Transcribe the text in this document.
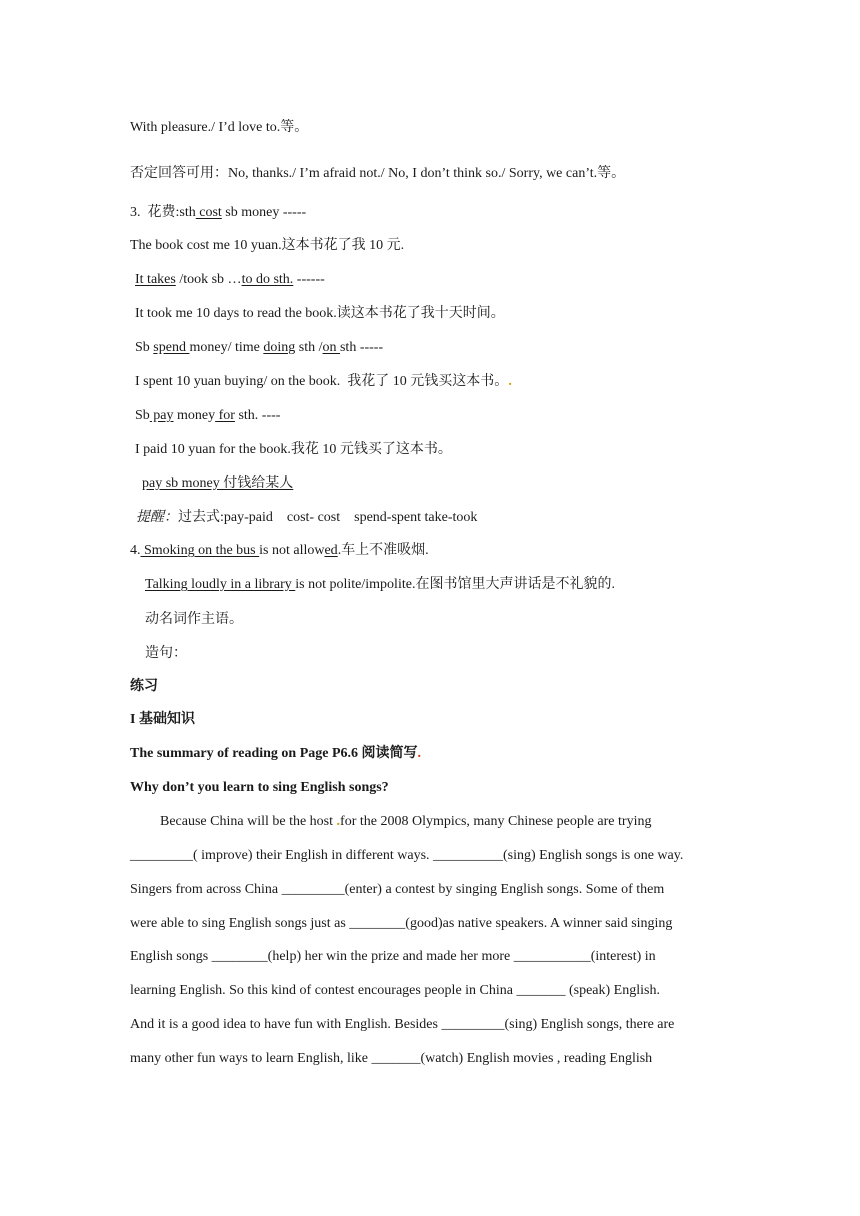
With pleasure./ I’d love to.等。
否定回答可用：No, thanks./ I’m afraid not./ No, I don’t think so./ Sorry, we can’t.等。
3.  花费:sth cost sb money -----
The book cost me 10 yuan.这本书花了我 10 元.
It takes /took sb …to do sth. ------
It took me 10 days to read the book.读这本书花了我十天时间。
Sb spend money/ time doing sth /on sth -----
I spent 10 yuan buying/ on the book.  我花了 10 元钱买这本书。.
Sb pay money for sth. ----
I paid 10 yuan for the book.我花 10 元钱买了这本书。
pay sb money 付钱给某人
提醒：过去式:pay-paid    cost- cost    spend-spent take-took
4. Smoking on the bus is not allowed.车上不准吸烟.
Talking loudly in a library is not polite/impolite.在图书馆里大声讲话是不礼貌的.
动名词作主语。
造句：
练习
I 基础知识
The summary of reading on Page P6.6 阅读简写.
Why don’t you learn to sing English songs?
Because China will be the host .for the 2008 Olympics, many Chinese people are trying
_________( improve) their English in different ways. __________(sing) English songs is one way.
Singers from across China _________(enter) a contest by singing English songs. Some of them
were able to sing English songs just as ________(good)as native speakers. A winner said singing
English songs ________(help) her win the prize and made her more ___________(interest) in
learning English. So this kind of contest encourages people in China _______ (speak) English.
And it is a good idea to have fun with English. Besides _________(sing) English songs, there are
many other fun ways to learn English, like _______(watch) English movies , reading English
